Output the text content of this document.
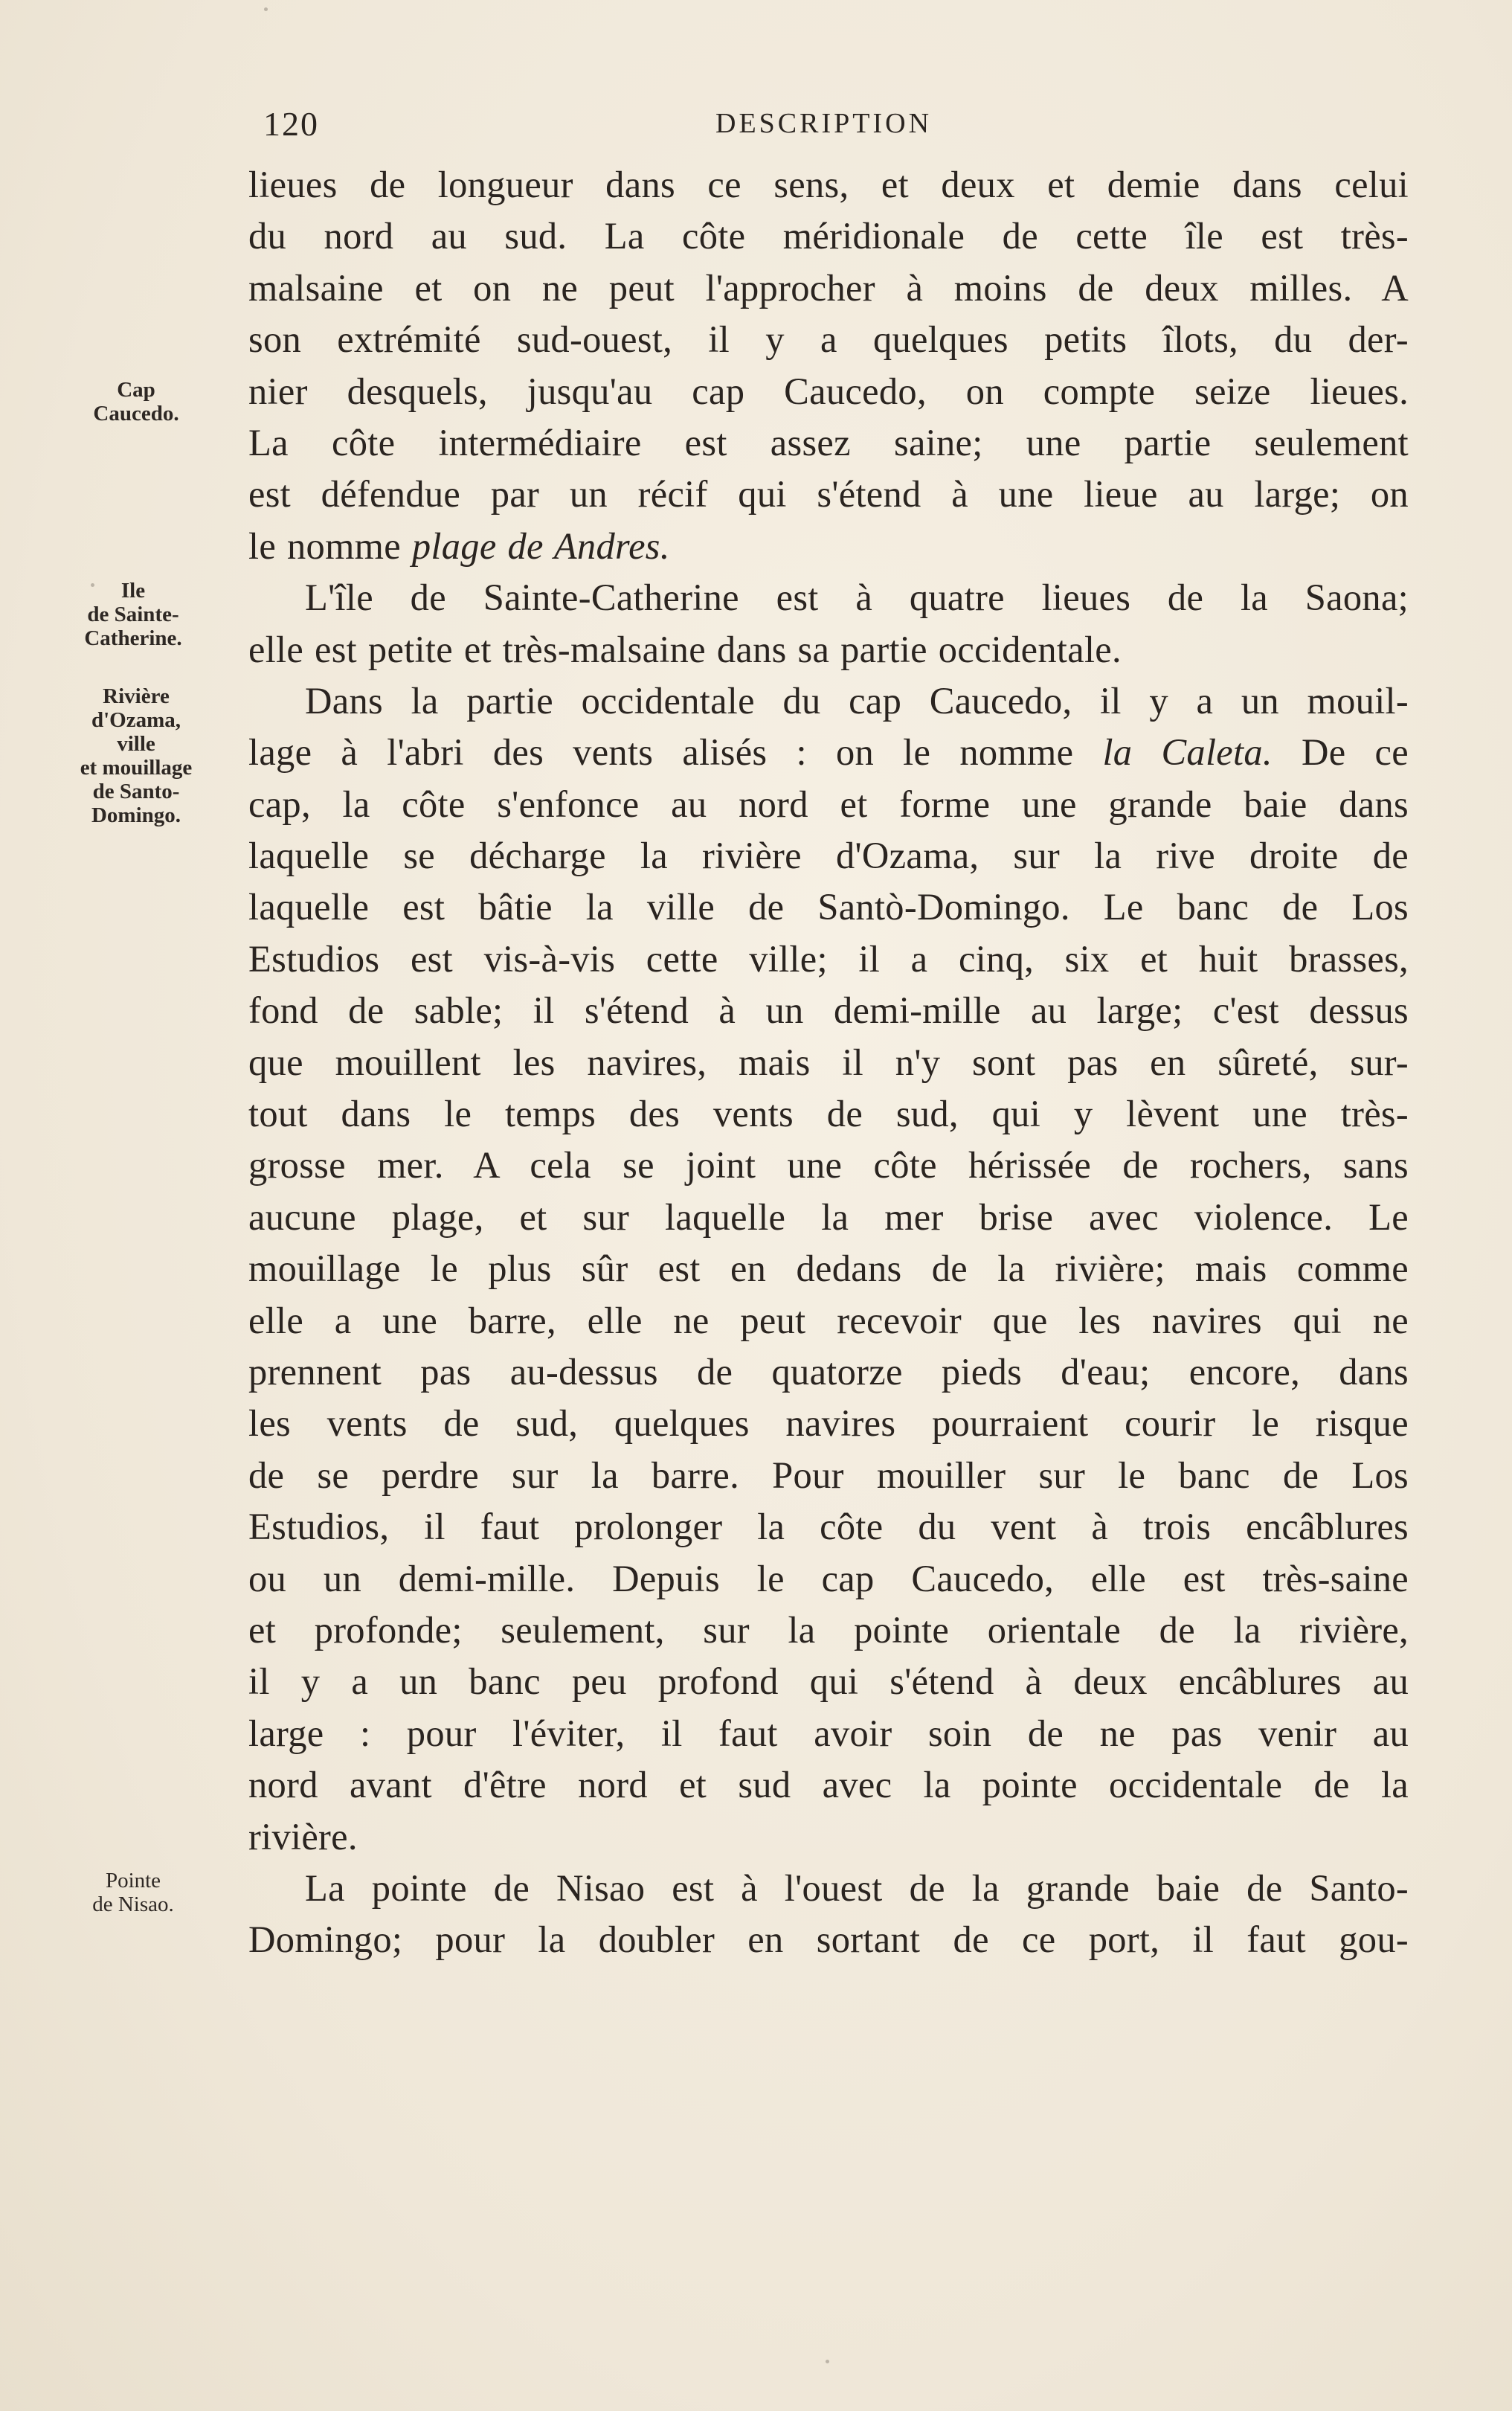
120	DESCRIPTION
Cap
Caucedo.
Ile
de Sainte-
Catherine.
Rivière
d'Ozama,
ville
et mouillage
de Santo-
Domingo.
Pointe
de Nisao.
lieues de longueur dans ce sens, et deux et demie dans celui
du nord au sud. La côte méridionale de cette île est très-
malsaine et on ne peut l'approcher à moins de deux milles. A
son extrémité sud-ouest, il y a quelques petits îlots, du der-
nier desquels, jusqu'au cap Caucedo, on compte seize lieues.
La côte intermédiaire est assez saine; une partie seulement
est défendue par un récif qui s'étend à une lieue au large; on
le nomme plage de Andres.
L'île de Sainte-Catherine est à quatre lieues de la Saona;
elle est petite et très-malsaine dans sa partie occidentale.
Dans la partie occidentale du cap Caucedo, il y a un mouil-
lage à l'abri des vents alisés : on le nomme la Caleta. De ce
cap, la côte s'enfonce au nord et forme une grande baie dans
laquelle se décharge la rivière d'Ozama, sur la rive droite de
laquelle est bâtie la ville de Santò-Domingo. Le banc de Los
Estudios est vis-à-vis cette ville; il a cinq, six et huit brasses,
fond de sable; il s'étend à un demi-mille au large; c'est dessus
que mouillent les navires, mais il n'y sont pas en sûreté, sur-
tout dans le temps des vents de sud, qui y lèvent une très-
grosse mer. A cela se joint une côte hérissée de rochers, sans
aucune plage, et sur laquelle la mer brise avec violence. Le
mouillage le plus sûr est en dedans de la rivière; mais comme
elle a une barre, elle ne peut recevoir que les navires qui ne
prennent pas au-dessus de quatorze pieds d'eau; encore, dans
les vents de sud, quelques navires pourraient courir le risque
de se perdre sur la barre. Pour mouiller sur le banc de Los
Estudios, il faut prolonger la côte du vent à trois encâblures
ou un demi-mille. Depuis le cap Caucedo, elle est très-saine
et profonde; seulement, sur la pointe orientale de la rivière,
il y a un banc peu profond qui s'étend à deux encâblures au
large : pour l'éviter, il faut avoir soin de ne pas venir au
nord avant d'être nord et sud avec la pointe occidentale de la
rivière.
La pointe de Nisao est à l'ouest de la grande baie de Santo-
Domingo; pour la doubler en sortant de ce port, il faut gou-
